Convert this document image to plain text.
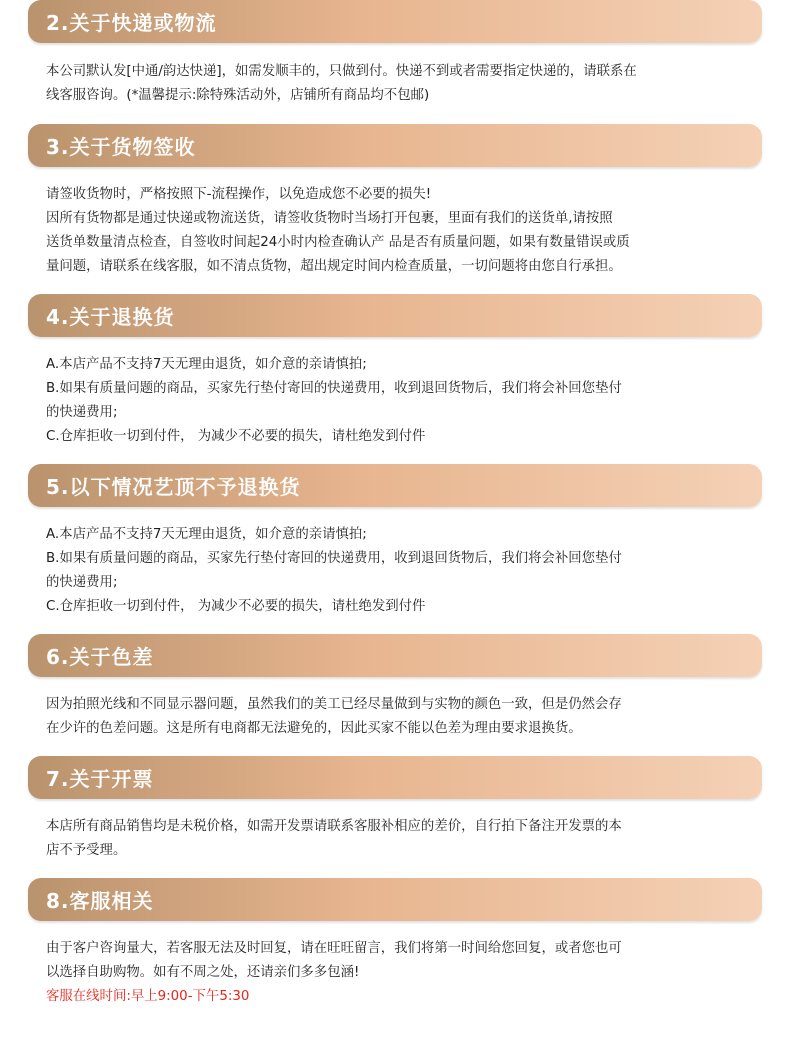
2.关于快递或物流
本公司默认发[中通/韵达快递]，如需发顺丰的，只做到付。快递不到或者需要指定快递的，请联系在
线客服咨询。(*温馨提示:除特殊活动外，店铺所有商品均不包邮)
3.关于货物签收
请签收货物时，严格按照下-流程操作，以免造成您不必要的损失!
因所有货物都是通过快递或物流送货，请签收货物时当场打开包裹，里面有我们的送货单,请按照
送货单数量清点检查，自签收时间起24小时内检查确认产 品是否有质量问题，如果有数量错误或质
量问题，请联系在线客服，如不清点货物，超出规定时间内检查质量，一切问题将由您自行承担。
4.关于退换货
A.本店产品不支持7天无理由退货，如介意的亲请慎拍;
B.如果有质量问题的商品，买家先行垫付寄回的快递费用，收到退回货物后，我们将会补回您垫付
的快递费用;
C.仓库拒收一切到付件， 为减少不必要的损失，请杜绝发到付件
5.以下情况艺顶不予退换货
A.本店产品不支持7天无理由退货，如介意的亲请慎拍;
B.如果有质量问题的商品，买家先行垫付寄回的快递费用，收到退回货物后，我们将会补回您垫付
的快递费用;
C.仓库拒收一切到付件， 为减少不必要的损失，请杜绝发到付件
6.关于色差
因为拍照光线和不同显示器问题，虽然我们的美工已经尽量做到与实物的颜色一致，但是仍然会存
在少许的色差问题。这是所有电商都无法避免的，因此买家不能以色差为理由要求退换货。
7.关于开票
本店所有商品销售均是未税价格，如需开发票请联系客服补相应的差价，自行拍下备注开发票的本
店不予受理。
8.客服相关
由于客户咨询量大，若客服无法及时回复，请在旺旺留言，我们将第一时间给您回复，或者您也可
以选择自助购物。如有不周之处，还请亲们多多包涵!
客服在线时间:早上9:00-下午5:30
